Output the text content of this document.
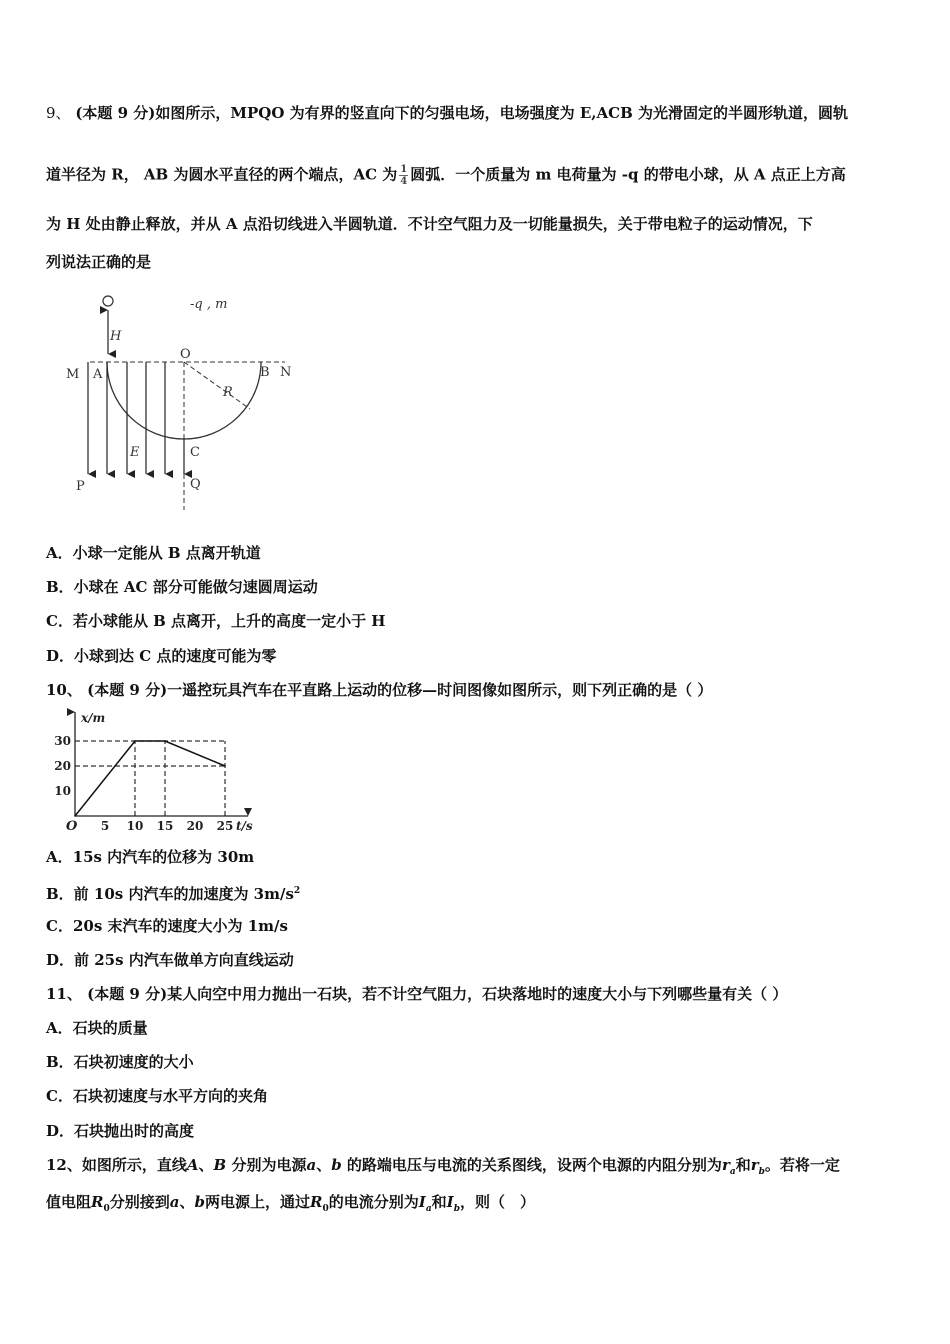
9、 (本题 9 分)如图所示，MPQO 为有界的竖直向下的匀强电场，电场强度为 E,ACB 为光滑固定的半圆形轨道，圆轨
道半径为 R， AB 为圆水平直径的两个端点，AC 为 $\frac{1}{4}$ 圆弧．一个质量为 m 电荷量为 -q 的带电小球，从 A 点正上方高
为 H 处由静止释放，并从 A 点沿切线进入半圆轨道．不计空气阻力及一切能量损失，关于带电粒子的运动情况，下
列说法正确的是
-q , m
H
O
M A	B N
R
E	C
P	Q
A．小球一定能从 B 点离开轨道
B．小球在 AC 部分可能做匀速圆周运动
C．若小球能从 B 点离开，上升的高度一定小于 H
D．小球到达 C 点的速度可能为零
10、 (本题 9 分)一遥控玩具汽车在平直路上运动的位移—时间图像如图所示，则下列正确的是（ ）
x/m
t/s
O 5 10 15 20 25
10
20
30
A．15s 内汽车的位移为 30m
B．前 10s 内汽车的加速度为 $3m/s^2$
C．20s 末汽车的速度大小为 1m/s
D．前 25s 内汽车做单方向直线运动
11、 (本题 9 分)某人向空中用力抛出一石块，若不计空气阻力，石块落地时的速度大小与下列哪些量有关（ ）
A．石块的质量
B．石块初速度的大小
C．石块初速度与水平方向的夹角
D．石块抛出时的高度
12、如图所示，直线A、B 分别为电源a、b 的路端电压与电流的关系图线，设两个电源的内阻分别为$r_a$和$r_b$。若将一定
值电阻$R_0$分别接到a、b两电源上，通过$R_0$的电流分别为$I_a$和$I_b$，则（　）
